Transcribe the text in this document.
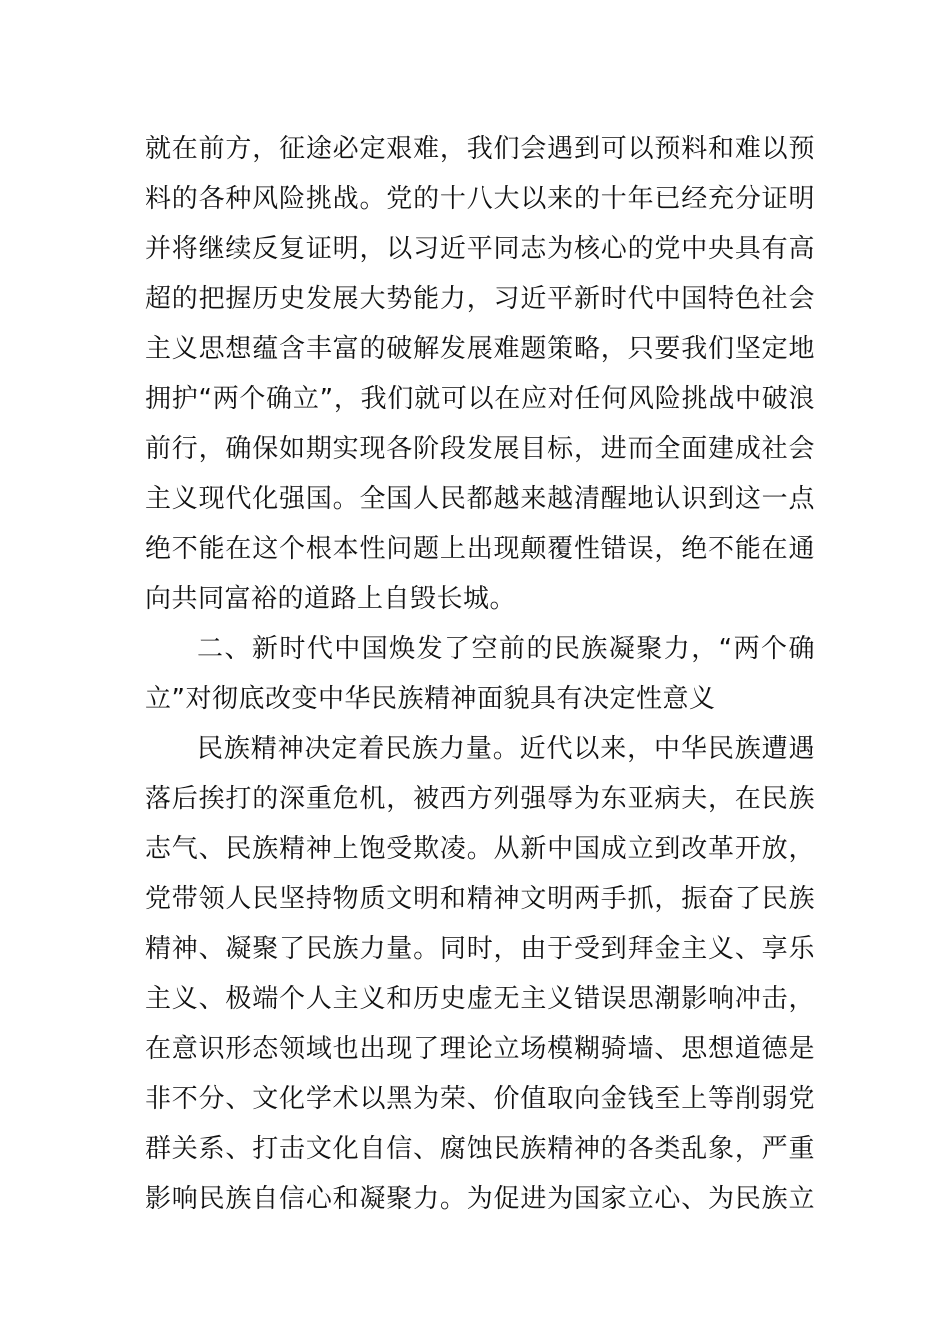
就在前方，征途必定艰难，我们会遇到可以预料和难以预
料的各种风险挑战。党的十八大以来的十年已经充分证明
并将继续反复证明，以习近平同志为核心的党中央具有高
超的把握历史发展大势能力，习近平新时代中国特色社会
主义思想蕴含丰富的破解发展难题策略，只要我们坚定地
拥护“两个确立”，我们就可以在应对任何风险挑战中破浪
前行，确保如期实现各阶段发展目标，进而全面建成社会
主义现代化强国。全国人民都越来越清醒地认识到这一点
绝不能在这个根本性问题上出现颠覆性错误，绝不能在通
向共同富裕的道路上自毁长城。
二、新时代中国焕发了空前的民族凝聚力，“两个确
立”对彻底改变中华民族精神面貌具有决定性意义
民族精神决定着民族力量。近代以来，中华民族遭遇
落后挨打的深重危机，被西方列强辱为东亚病夫，在民族
志气、民族精神上饱受欺凌。从新中国成立到改革开放，
党带领人民坚持物质文明和精神文明两手抓，振奋了民族
精神、凝聚了民族力量。同时，由于受到拜金主义、享乐
主义、极端个人主义和历史虚无主义错误思潮影响冲击，
在意识形态领域也出现了理论立场模糊骑墙、思想道德是
非不分、文化学术以黑为荣、价值取向金钱至上等削弱党
群关系、打击文化自信、腐蚀民族精神的各类乱象，严重
影响民族自信心和凝聚力。为促进为国家立心、为民族立
